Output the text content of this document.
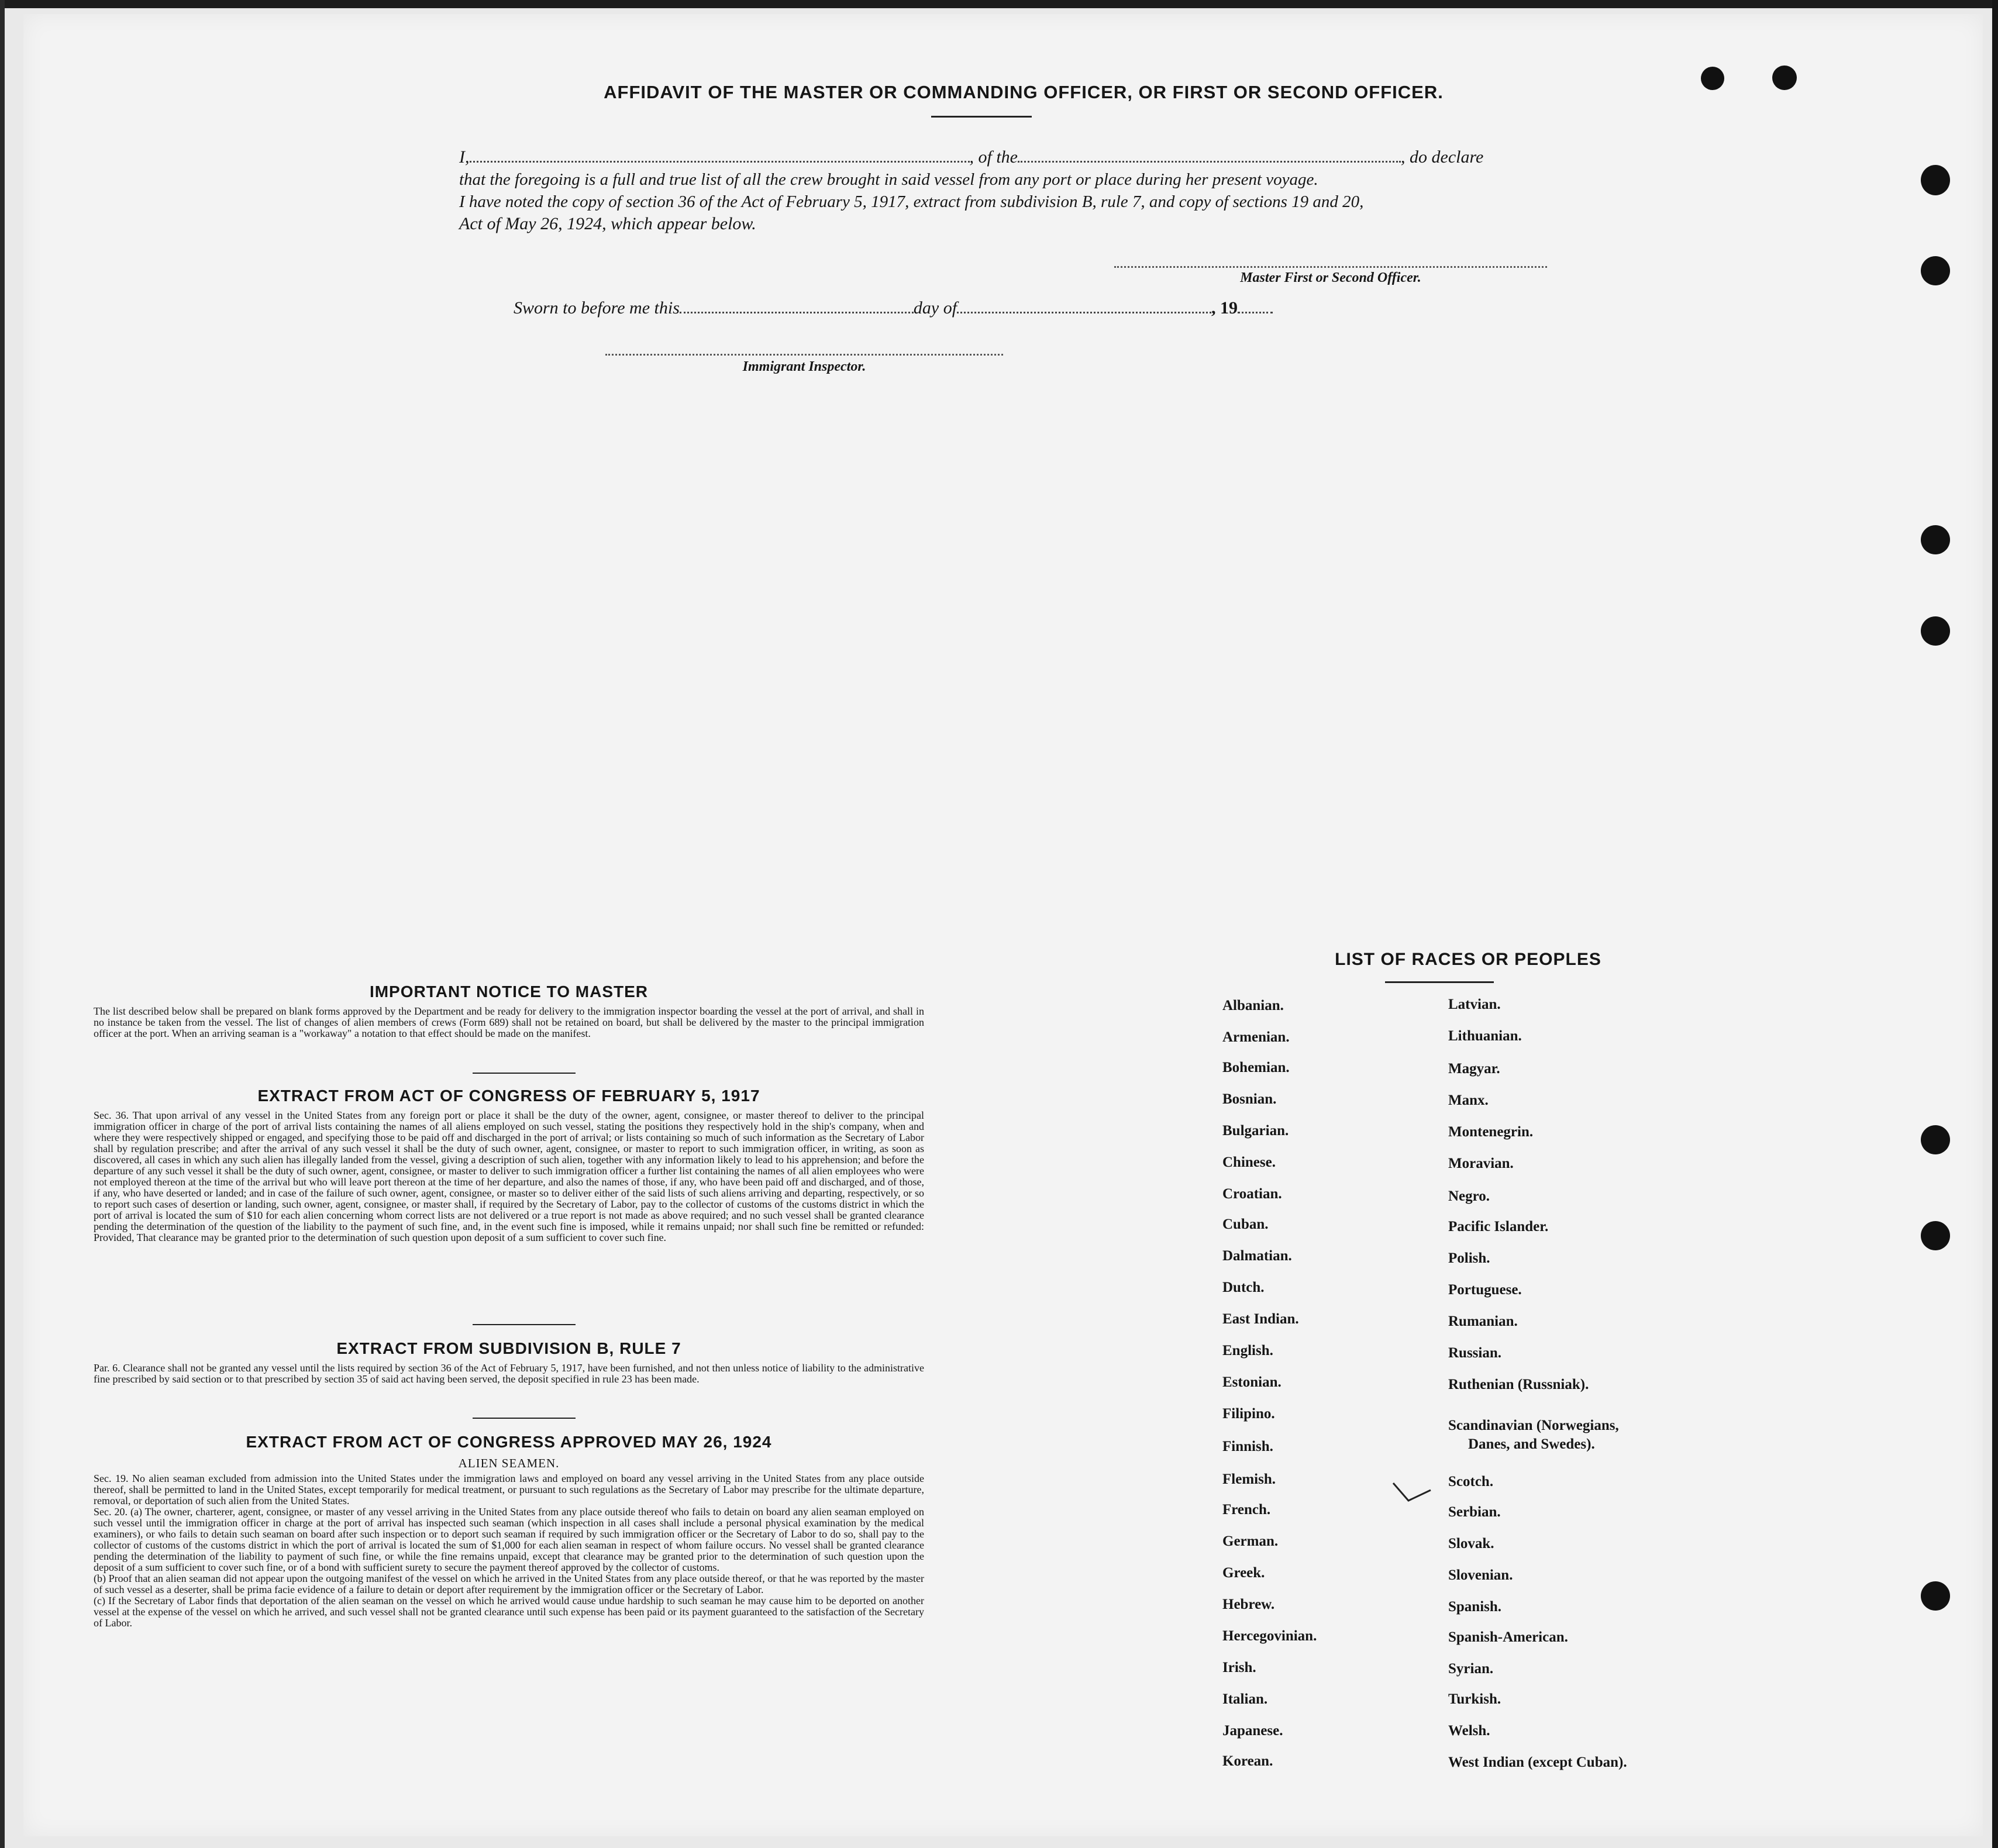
AFFIDAVIT OF THE MASTER OR COMMANDING OFFICER, OR FIRST OR SECOND OFFICER.
I,	, of the	, do declare
that the foregoing is a full and true list of all the crew brought in said vessel from any port or place during her present voyage.
I have noted the copy of section 36 of the Act of February 5, 1917, extract from subdivision B, rule 7, and copy of sections 19 and 20,
Act of May 26, 1924, which appear below.
Master First or Second Officer.
Sworn to before me this	day of	, 19
Immigrant Inspector.
IMPORTANT NOTICE TO MASTER
The list described below shall be prepared on blank forms approved by the Department and be ready for delivery to the immigration inspector boarding the vessel at the port of arrival, and shall in no instance be taken from the vessel. The list of changes of alien members of crews (Form 689) shall not be retained on board, but shall be delivered by the master to the principal immigration officer at the port. When an arriving seaman is a "workaway" a notation to that effect should be made on the manifest.
EXTRACT FROM ACT OF CONGRESS OF FEBRUARY 5, 1917
Sec. 36. That upon arrival of any vessel in the United States from any foreign port or place it shall be the duty of the owner, agent, consignee, or master thereof to deliver to the principal immigration officer in charge of the port of arrival lists containing the names of all aliens employed on such vessel, stating the positions they respectively hold in the ship's company, when and where they were respectively shipped or engaged, and specifying those to be paid off and discharged in the port of arrival; or lists containing so much of such information as the Secretary of Labor shall by regulation prescribe; and after the arrival of any such vessel it shall be the duty of such owner, agent, consignee, or master to report to such immigration officer, in writing, as soon as discovered, all cases in which any such alien has illegally landed from the vessel, giving a description of such alien, together with any information likely to lead to his apprehension; and before the departure of any such vessel it shall be the duty of such owner, agent, consignee, or master to deliver to such immigration officer a further list containing the names of all alien employees who were not employed thereon at the time of the arrival but who will leave port thereon at the time of her departure, and also the names of those, if any, who have been paid off and discharged, and of those, if any, who have deserted or landed; and in case of the failure of such owner, agent, consignee, or master so to deliver either of the said lists of such aliens arriving and departing, respectively, or so to report such cases of desertion or landing, such owner, agent, consignee, or master shall, if required by the Secretary of Labor, pay to the collector of customs of the customs district in which the port of arrival is located the sum of $10 for each alien concerning whom correct lists are not delivered or a true report is not made as above required; and no such vessel shall be granted clearance pending the determination of the question of the liability to the payment of such fine, and, in the event such fine is imposed, while it remains unpaid; nor shall such fine be remitted or refunded: Provided, That clearance may be granted prior to the determination of such question upon deposit of a sum sufficient to cover such fine.
EXTRACT FROM SUBDIVISION B, RULE 7
Par. 6. Clearance shall not be granted any vessel until the lists required by section 36 of the Act of February 5, 1917, have been furnished, and not then unless notice of liability to the administrative fine prescribed by said section or to that prescribed by section 35 of said act having been served, the deposit specified in rule 23 has been made.
EXTRACT FROM ACT OF CONGRESS APPROVED MAY 26, 1924
ALIEN SEAMEN.
Sec. 19. No alien seaman excluded from admission into the United States under the immigration laws and employed on board any vessel arriving in the United States from any place outside thereof, shall be permitted to land in the United States, except temporarily for medical treatment, or pursuant to such regulations as the Secretary of Labor may prescribe for the ultimate departure, removal, or deportation of such alien from the United States.
Sec. 20. (a) The owner, charterer, agent, consignee, or master of any vessel arriving in the United States from any place outside thereof who fails to detain on board any alien seaman employed on such vessel until the immigration officer in charge at the port of arrival has inspected such seaman (which inspection in all cases shall include a personal physical examination by the medical examiners), or who fails to detain such seaman on board after such inspection or to deport such seaman if required by such immigration officer or the Secretary of Labor to do so, shall pay to the collector of customs of the customs district in which the port of arrival is located the sum of $1,000 for each alien seaman in respect of whom failure occurs. No vessel shall be granted clearance pending the determination of the liability to payment of such fine, or while the fine remains unpaid, except that clearance may be granted prior to the determination of such question upon the deposit of a sum sufficient to cover such fine, or of a bond with sufficient surety to secure the payment thereof approved by the collector of customs.
(b) Proof that an alien seaman did not appear upon the outgoing manifest of the vessel on which he arrived in the United States from any place outside thereof, or that he was reported by the master of such vessel as a deserter, shall be prima facie evidence of a failure to detain or deport after requirement by the immigration officer or the Secretary of Labor.
(c) If the Secretary of Labor finds that deportation of the alien seaman on the vessel on which he arrived would cause undue hardship to such seaman he may cause him to be deported on another vessel at the expense of the vessel on which he arrived, and such vessel shall not be granted clearance until such expense has been paid or its payment guaranteed to the satisfaction of the Secretary of Labor.
LIST OF RACES OR PEOPLES
Albanian.
Armenian.
Bohemian.
Bosnian.
Bulgarian.
Chinese.
Croatian.
Cuban.
Dalmatian.
Dutch.
East Indian.
English.
Estonian.
Filipino.
Finnish.
Flemish.
French.
German.
Greek.
Hebrew.
Hercegovinian.
Irish.
Italian.
Japanese.
Korean.
Latvian.
Lithuanian.
Magyar.
Manx.
Montenegrin.
Moravian.
Negro.
Pacific Islander.
Polish.
Portuguese.
Rumanian.
Russian.
Ruthenian (Russniak).
Scandinavian (Norwegians,
Danes, and Swedes).
Scotch.
Serbian.
Slovak.
Slovenian.
Spanish.
Spanish-American.
Syrian.
Turkish.
Welsh.
West Indian (except Cuban).
